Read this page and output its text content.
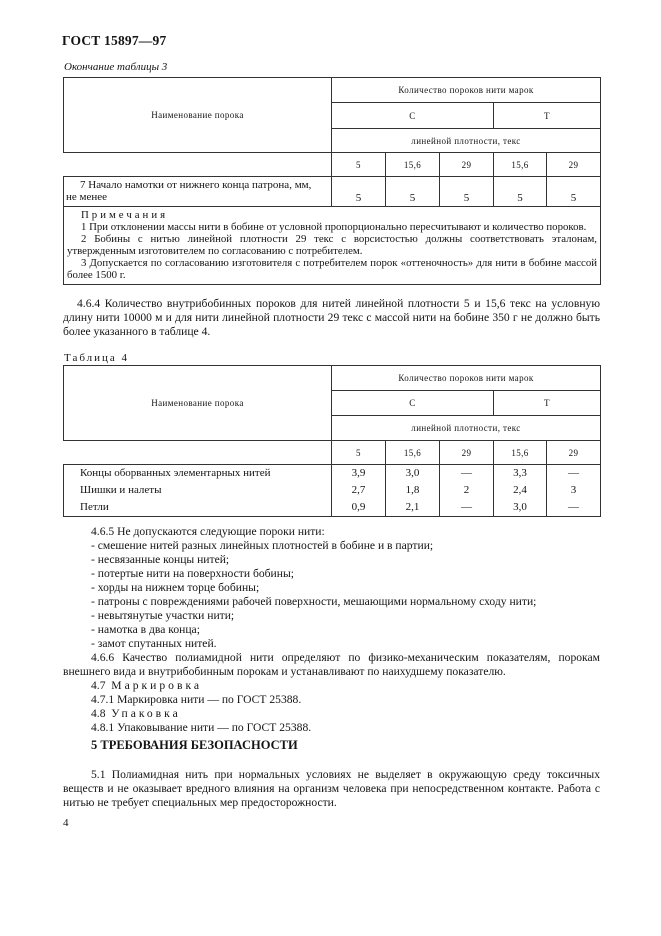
ГОСТ 15897—97
Окончание таблицы 3
Наименование порока	Количество пороков нити марок				
	С			Т	
	линейной плотности, текс				
	5	15,6	29	15,6	29

7 Начало намотки от нижнего конца патрона, мм,
не менее	5	5	5	5	5

Примечания
1 При отклонении массы нити в бобине от условной пропорционально пересчитывают и количество пороков.
2 Бобины с нитью линейной плотности 29 текс с ворсистостью должны соответствовать эталонам, утвержденным изготовителем по согласованию с потребителем.
3 Допускается по согласованию изготовителя с потребителем порок «оттеночность» для нити в бобине массой более 1500 г.					

4.6.4 Количество внутрибобинных пороков для нитей линейной плотности 5 и 15,6 текс на условную длину нити 10000 м и для нити линейной плотности 29 текс с массой нити на бобине 350 г не должно быть более указанного в таблице 4.

Таблица 4
Наименование порока	Количество пороков нити марок				
	С			Т	
	линейной плотности, текс				
	5	15,6	29	15,6	29
Концы оборванных элементарных нитей	3,9	3,0	—	3,3	—
Шишки и налеты	2,7	1,8	2	2,4	3
Петли	0,9	2,1	—	3,0	—

4.6.5 Не допускаются следующие пороки нити:

- смешение нитей разных линейных плотностей в бобине и в партии;

- несвязанные концы нитей;

- потертые нити на поверхности бобины;

- хорды на нижнем торце бобины;

- патроны с повреждениями рабочей поверхности, мешающими нормальному сходу нити;

- невытянутые участки нити;

- намотка в два конца;

- замот спутанных нитей.

4.6.6 Качество полиамидной нити определяют по физико-механическим показателям, порокам внешнего вида и внутрибобинным порокам и устанавливают по наихудшему показателю.

4.7 Маркировка

4.7.1 Маркировка нити — по ГОСТ 25388.

4.8 Упаковка

4.8.1 Упаковывание нити — по ГОСТ 25388.

5 ТРЕБОВАНИЯ БЕЗОПАСНОСТИ

5.1 Полиамидная нить при нормальных условиях не выделяет в окружающую среду токсичных веществ и не оказывает вредного влияния на организм человека при непосредственном контакте. Работа с нитью не требует специальных мер предосторожности.

4
